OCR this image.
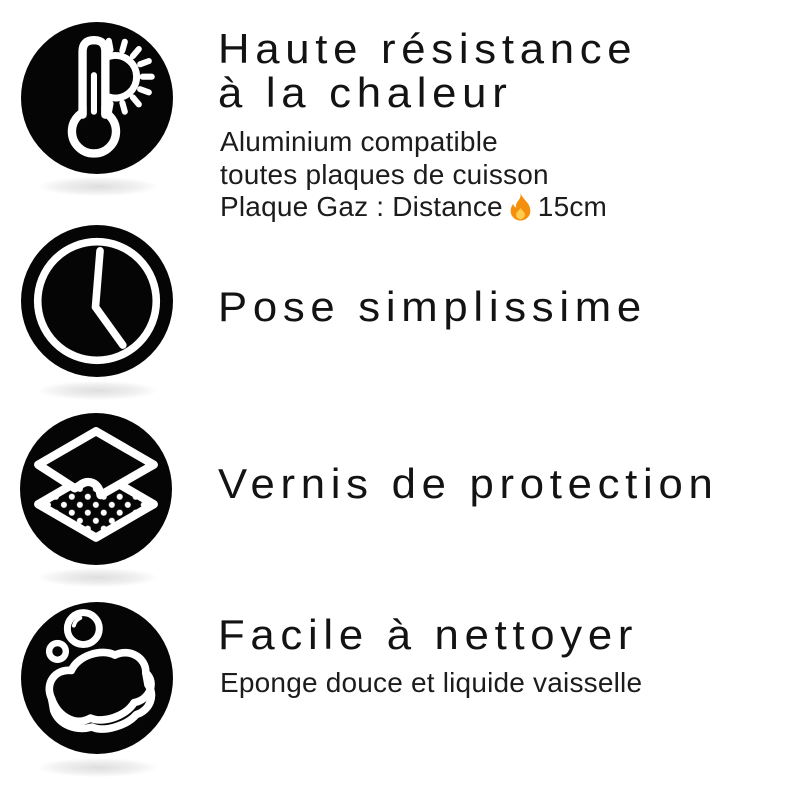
Haute résistance
à la chaleur
Aluminium compatible
toutes plaques de cuisson
Plaque Gaz : Distance 15cm
Pose simplissime
Vernis de protection
Facile à nettoyer
Eponge douce et liquide vaisselle
